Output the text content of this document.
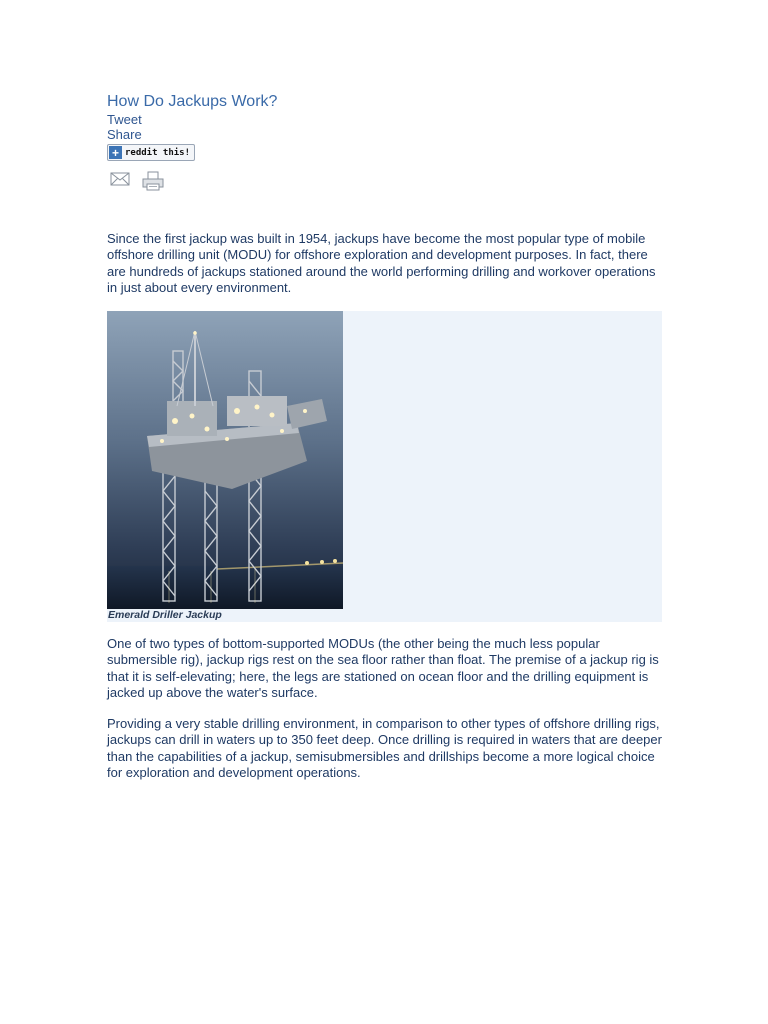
How Do Jackups Work?
Tweet
Share
+ reddit this!

Since the first jackup was built in 1954, jackups have become the most popular type of mobile offshore drilling unit (MODU) for offshore exploration and development purposes. In fact, there are hundreds of jackups stationed around the world performing drilling and workover operations in just about every environment.

Emerald Driller Jackup

One of two types of bottom-supported MODUs (the other being the much less popular submersible rig), jackup rigs rest on the sea floor rather than float. The premise of a jackup rig is that it is self-elevating; here, the legs are stationed on ocean floor and the drilling equipment is jacked up above the water's surface.

Providing a very stable drilling environment, in comparison to other types of offshore drilling rigs, jackups can drill in waters up to 350 feet deep. Once drilling is required in waters that are deeper than the capabilities of a jackup, semisubmersibles and drillships become a more logical choice for exploration and development operations.
